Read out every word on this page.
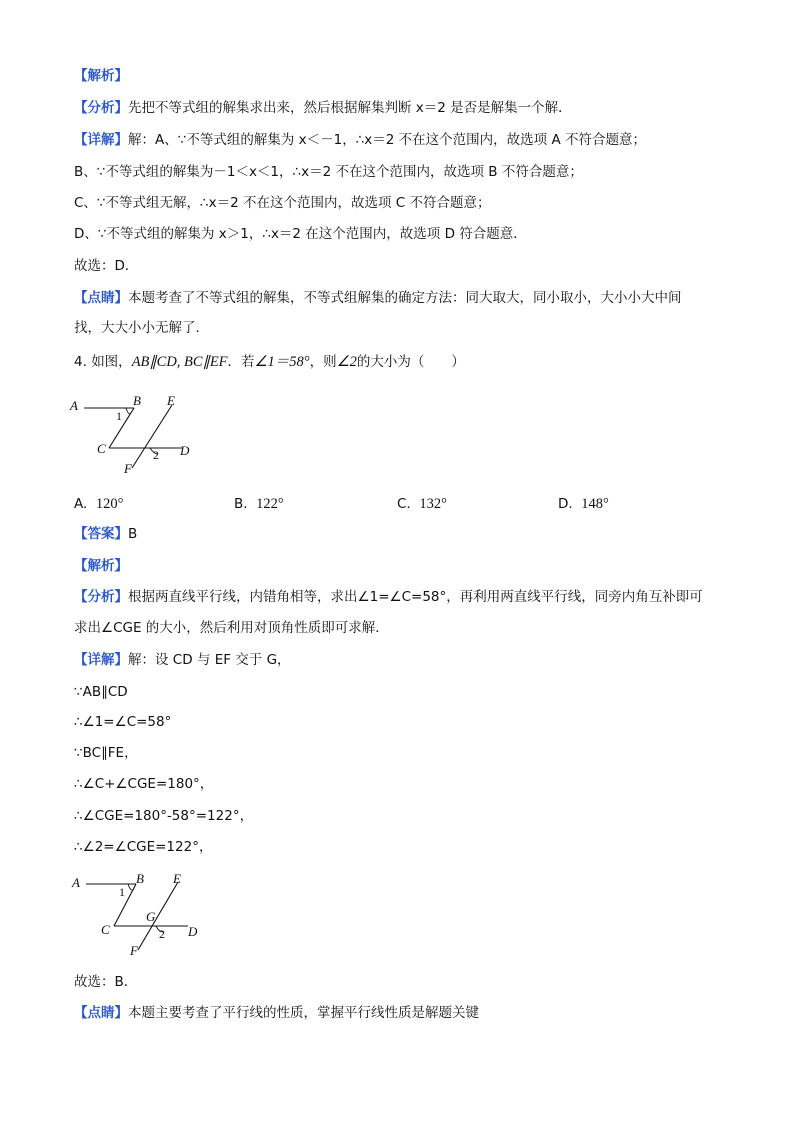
【解析】
【分析】先把不等式组的解集求出来，然后根据解集判断 x＝2 是否是解集一个解．
【详解】解：A、∵不等式组的解集为 x＜－1，∴x＝2 不在这个范围内，故选项 A 不符合题意；
B、∵不等式组的解集为－1＜x＜1，∴x＝2 不在这个范围内，故选项 B 不符合题意；
C、∵不等式组无解，∴x＝2 不在这个范围内，故选项 C 不符合题意；
D、∵不等式组的解集为 x＞1，∴x＝2 在这个范围内，故选项 D 符合题意．
故选：D．
【点睛】本题考查了不等式组的解集，不等式组解集的确定方法：同大取大，同小取小，大小小大中间
找，大大小小无解了．
4. 如图，AB∥CD, BC∥EF．若∠1＝58°，则∠2的大小为（　　）
A	B E
1
C	2 D
F
A. 120°	B. 122°	C. 132°	D. 148°
【答案】B
【解析】
【分析】根据两直线平行线，内错角相等，求出∠1=∠C=58°，再利用两直线平行线，同旁内角互补即可
求出∠CGE 的大小，然后利用对顶角性质即可求解．
【详解】解：设 CD 与 EF 交于 G，
∵AB∥CD
∴∠1=∠C=58°
∵BC∥FE，
∴∠C+∠CGE=180°，
∴∠CGE=180°-58°=122°，
∴∠2=∠CGE=122°，
A	B E
1
G
C	2 D
F
故选：B．
【点睛】本题主要考查了平行线的性质，掌握平行线性质是解题关键
